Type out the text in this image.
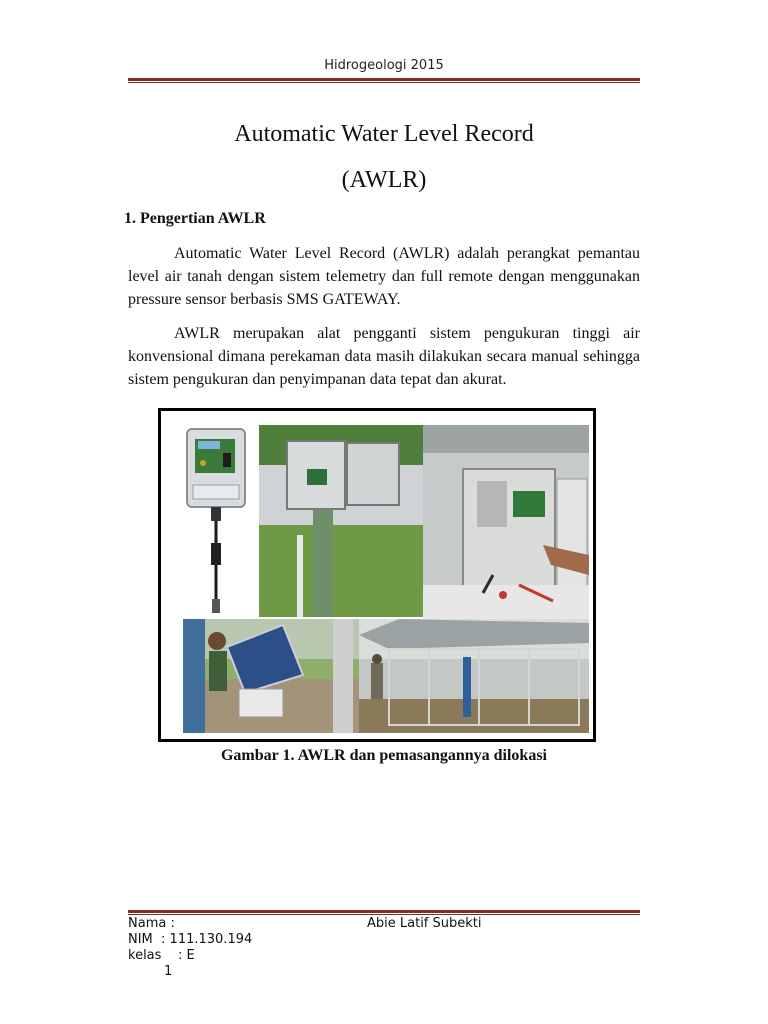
Hidrogeologi 2015
Automatic Water Level Record
(AWLR)
1. Pengertian AWLR
Automatic Water Level Record (AWLR) adalah perangkat pemantau level air tanah dengan sistem telemetry dan full remote dengan menggunakan pressure sensor berbasis SMS GATEWAY.
AWLR merupakan alat pengganti sistem pengukuran tinggi air konvensional dimana perekaman data masih dilakukan secara manual sehingga sistem pengukuran dan penyimpanan data tepat dan akurat.
Gambar 1. AWLR dan pemasangannya dilokasi
Nama :	Abie Latif Subekti
NIM  : 111.130.194
kelas    : E
1
